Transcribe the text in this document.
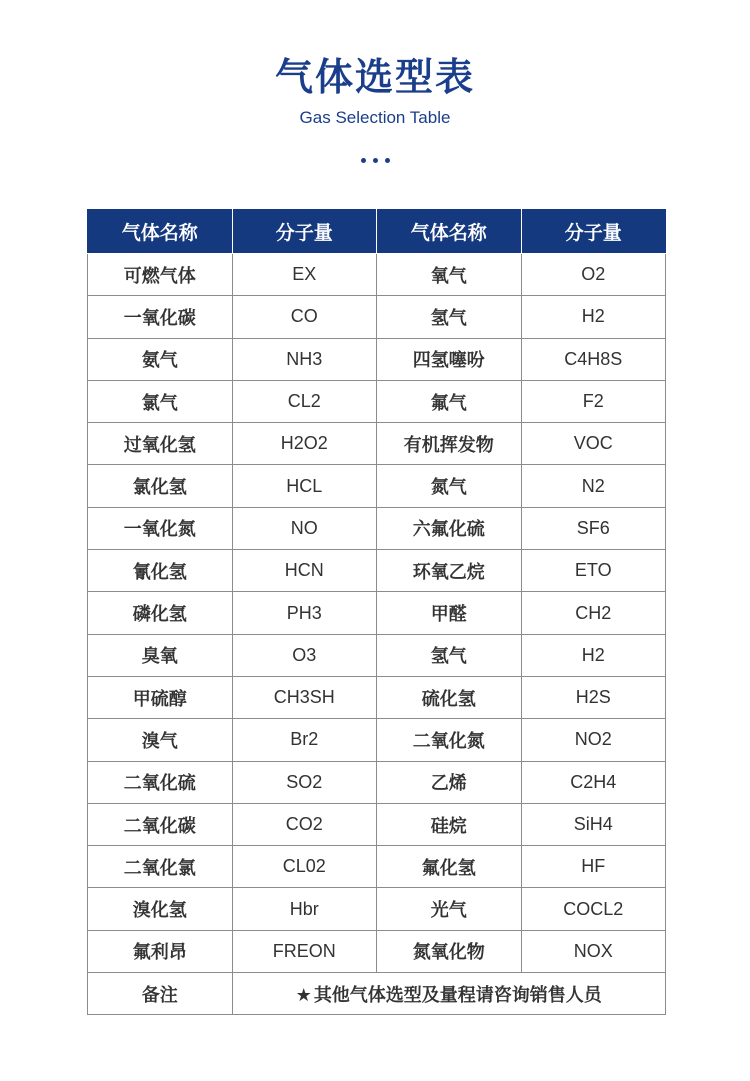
气体选型表
Gas Selection Table
气体名称	分子量	气体名称	分子量
可燃气体	EX	氧气	O2
一氧化碳	CO	氢气	H2
氨气	NH3	四氢噻吩	C4H8S
氯气	CL2	氟气	F2
过氧化氢	H2O2	有机挥发物	VOC
氯化氢	HCL	氮气	N2
一氧化氮	NO	六氟化硫	SF6
氰化氢	HCN	环氧乙烷	ETO
磷化氢	PH3	甲醛	CH2
臭氧	O3	氢气	H2
甲硫醇	CH3SH	硫化氢	H2S
溴气	Br2	二氧化氮	NO2
二氧化硫	SO2	乙烯	C2H4
二氧化碳	CO2	硅烷	SiH4
二氧化氯	CL02	氟化氢	HF
溴化氢	Hbr	光气	COCL2
氟利昂	FREON	氮氧化物	NOX
备注	★ 其他气体选型及量程请咨询销售人员		
